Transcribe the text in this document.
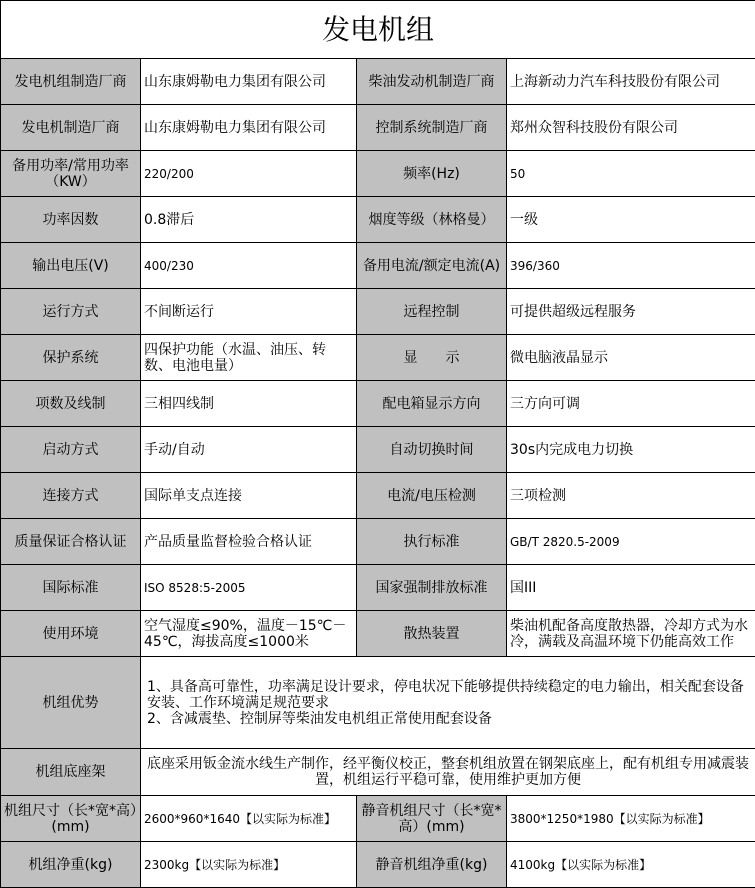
发电机组			
发电机组制造厂商	山东康姆勒电力集团有限公司	柴油发动机制造厂商	上海新动力汽车科技股份有限公司
发电机制造厂商	山东康姆勒电力集团有限公司	控制系统制造厂商	郑州众智科技股份有限公司
备用功率/常用功率（KW）	220/200	频率(Hz)	50
功率因数	0.8滞后	烟度等级（林格曼）	一级
输出电压(V)	400/230	备用电流/额定电流(A)	396/360
运行方式	不间断运行	远程控制	可提供超级远程服务
保护系统	四保护功能（水温、油压、转数、电池电量）	显　　示	微电脑液晶显示
项数及线制	三相四线制	配电箱显示方向	三方向可调
启动方式	手动/自动	自动切换时间	30s内完成电力切换
连接方式	国际单支点连接	电流/电压检测	三项检测
质量保证合格认证	产品质量监督检验合格认证	执行标准	GB/T 2820.5-2009
国际标准	ISO 8528:5-2005	国家强制排放标准	国III
使用环境	空气湿度≤90%，温度－15℃－45℃，海拔高度≤1000米	散热装置	柴油机配备高度散热器，冷却方式为水冷，满载及高温环境下仍能高效工作
机组优势	1、具备高可靠性，功率满足设计要求，停电状况下能够提供持续稳定的电力输出，相关配套设备安装、工作环境满足规范要求
2、含减震垫、控制屏等柴油发电机组正常使用配套设备		

机组底座架	底座采用钣金流水线生产制作，经平衡仪校正，整套机组放置在钢架底座上，配有机组专用减震装置，机组运行平稳可靠，使用维护更加方便		
机组尺寸（长*宽*高）(mm)	2600*960*1640【以实际为标准】	静音机组尺寸（长*宽*高）(mm)	3800*1250*1980【以实际为标准】
机组净重(kg)	2300kg【以实际为标准】	静音机组净重(kg)	4100kg【以实际为标准】
